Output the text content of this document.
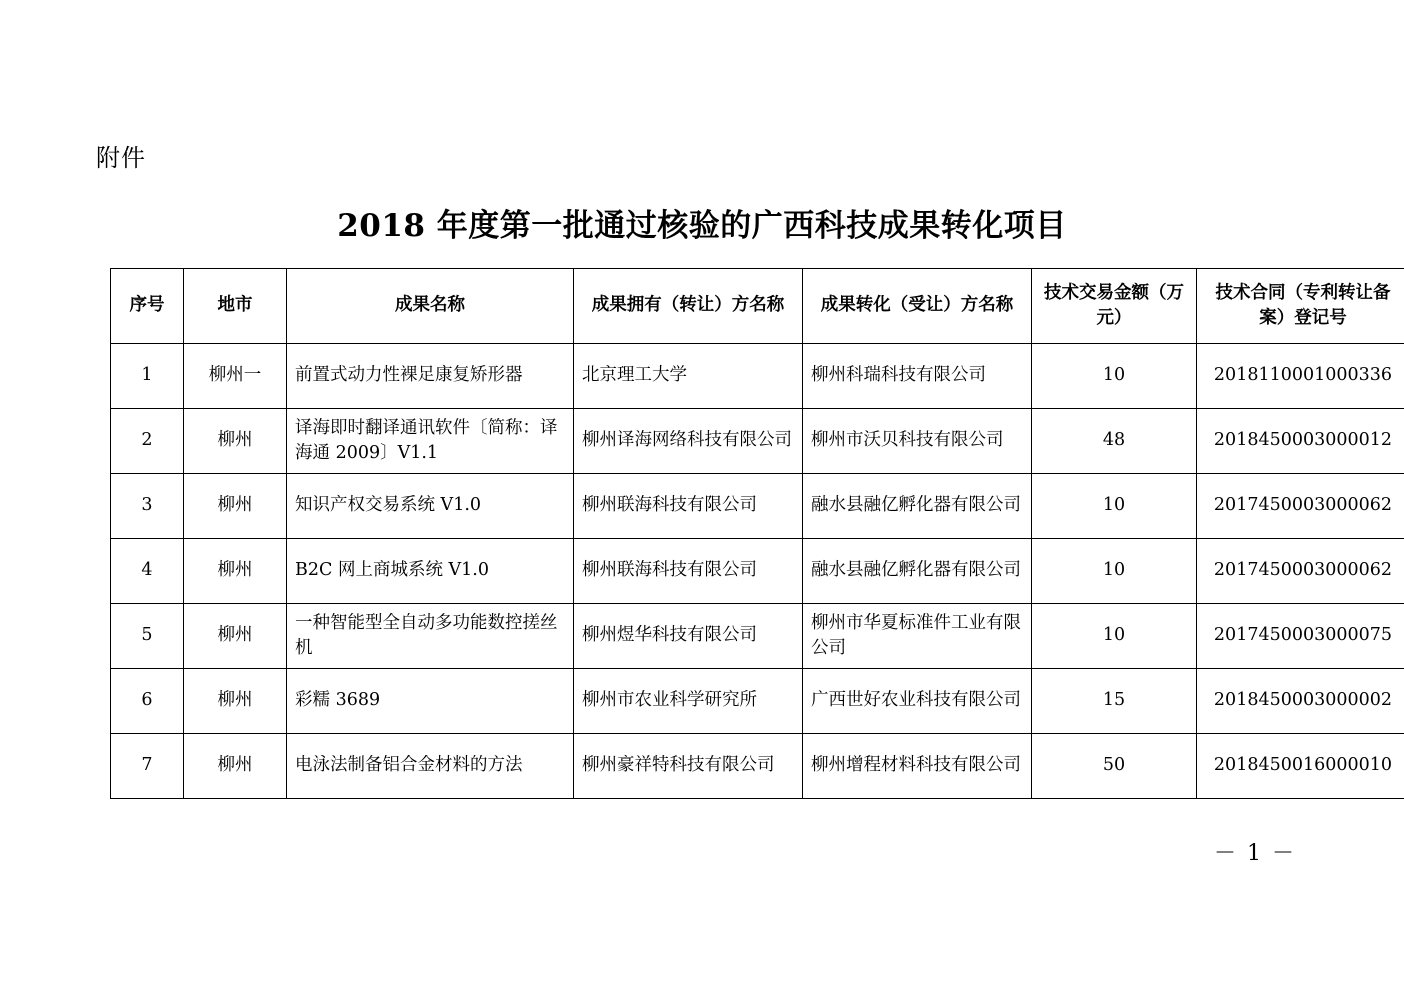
附件
2018 年度第一批通过核验的广西科技成果转化项目
序号	地市	成果名称	成果拥有（转让）方名称	成果转化（受让）方名称	技术交易金额（万元）	技术合同（专利转让备案）登记号
1	柳州一	前置式动力性裸足康复矫形器	北京理工大学	柳州科瑞科技有限公司	10	2018110001000336
2	柳州	译海即时翻译通讯软件〔简称：译海通 2009〕V1.1	柳州译海网络科技有限公司	柳州市沃贝科技有限公司	48	2018450003000012
3	柳州	知识产权交易系统 V1.0	柳州联海科技有限公司	融水县融亿孵化器有限公司	10	2017450003000062
4	柳州	B2C 网上商城系统 V1.0	柳州联海科技有限公司	融水县融亿孵化器有限公司	10	2017450003000062
5	柳州	一种智能型全自动多功能数控搓丝机	柳州煜华科技有限公司	柳州市华夏标准件工业有限公司	10	2017450003000075
6	柳州	彩糯 3689	柳州市农业科学研究所	广西世好农业科技有限公司	15	2018450003000002
7	柳州	电泳法制备铝合金材料的方法	柳州豪祥特科技有限公司	柳州增程材料科技有限公司	50	2018450016000010
－ 1 －
